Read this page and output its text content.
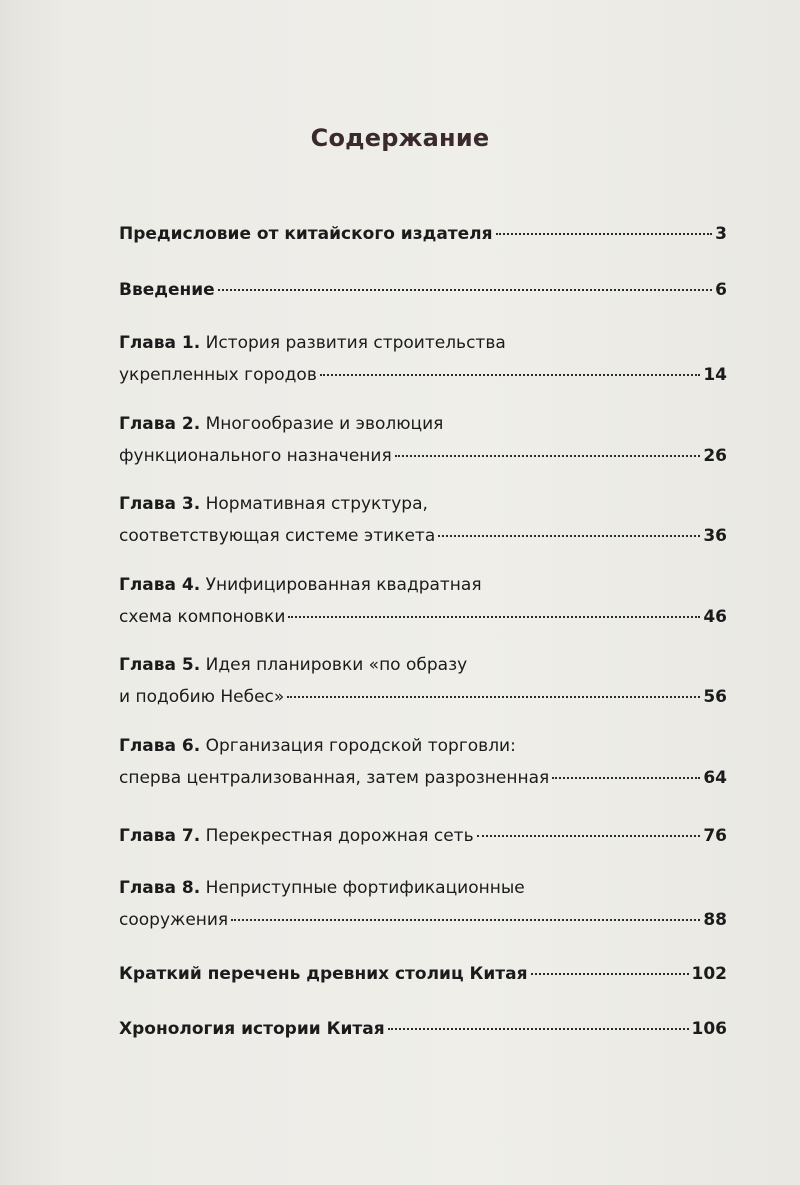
Содержание
Предисловие от китайского издателя	3
Введение	6
Глава 1. История развития строительства
укрепленных городов	14
Глава 2. Многообразие и эволюция
функционального назначения	26
Глава 3. Нормативная структура,
соответствующая системе этикета	36
Глава 4. Унифицированная квадратная
схема компоновки	46
Глава 5. Идея планировки «по образу
и подобию Небес»	56
Глава 6. Организация городской торговли:
сперва централизованная, затем разрозненная	64
Глава 7. Перекрестная дорожная сеть	76
Глава 8. Неприступные фортификационные
сооружения	88
Краткий перечень древних столиц Китая	102
Хронология истории Китая	106
